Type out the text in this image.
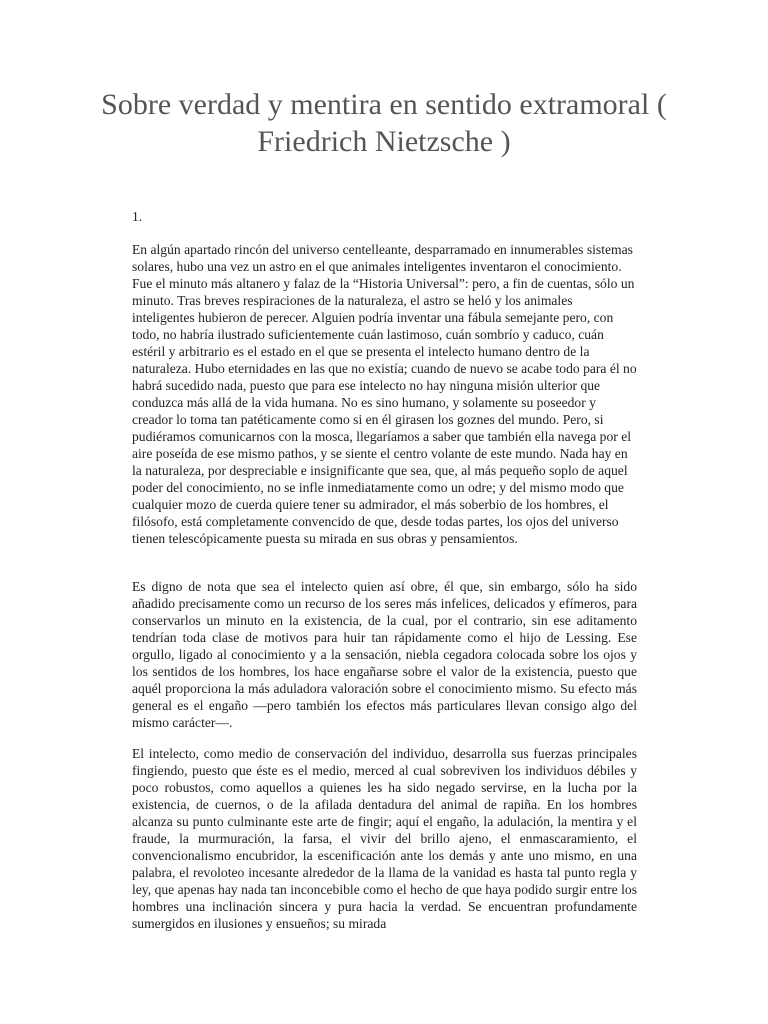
Sobre verdad y mentira en sentido extramoral ( Friedrich Nietzsche )

1.

En algún apartado rincón del universo centelleante, desparramado en innumerables sistemas solares, hubo una vez un astro en el que animales inteligentes inventaron el conocimiento. Fue el minuto más altanero y falaz de la “Historia Universal”: pero, a fin de cuentas, sólo un minuto. Tras breves respiraciones de la naturaleza, el astro se heló y los animales inteligentes hubieron de perecer. Alguien podría inventar una fábula semejante pero, con todo, no habría ilustrado suficientemente cuán lastimoso, cuán sombrío y caduco, cuán estéril y arbitrario es el estado en el que se presenta el intelecto humano dentro de la naturaleza. Hubo eternidades en las que no existía; cuando de nuevo se acabe todo para él no habrá sucedido nada, puesto que para ese intelecto no hay ninguna misión ulterior que conduzca más allá de la vida humana. No es sino humano, y solamente su poseedor y creador lo toma tan patéticamente como si en él girasen los goznes del mundo. Pero, si pudiéramos comunicarnos con la mosca, llegaríamos a saber que también ella navega por el aire poseída de ese mismo pathos, y se siente el centro volante de este mundo. Nada hay en la naturaleza, por despreciable e insignificante que sea, que, al más pequeño soplo de aquel poder del conocimiento, no se infle inmediatamente como un odre; y del mismo modo que cualquier mozo de cuerda quiere tener su admirador, el más soberbio de los hombres, el filósofo, está completamente convencido de que, desde todas partes, los ojos del universo tienen telescópicamente puesta su mirada en sus obras y pensamientos.

Es digno de nota que sea el intelecto quien así obre, él que, sin embargo, sólo ha sido añadido precisamente como un recurso de los seres más infelices, delicados y efímeros, para conservarlos un minuto en la existencia, de la cual, por el contrario, sin ese aditamento tendrían toda clase de motivos para huir tan rápidamente como el hijo de Lessing. Ese orgullo, ligado al conocimiento y a la sensación, niebla cegadora colocada sobre los ojos y los sentidos de los hombres, los hace engañarse sobre el valor de la existencia, puesto que aquél proporciona la más aduladora valoración sobre el conocimiento mismo. Su efecto más general es el engaño —pero también los efectos más particulares llevan consigo algo del mismo carácter—.

El intelecto, como medio de conservación del individuo, desarrolla sus fuerzas principales fingiendo, puesto que éste es el medio, merced al cual sobreviven los individuos débiles y poco robustos, como aquellos a quienes les ha sido negado servirse, en la lucha por la existencia, de cuernos, o de la afilada dentadura del animal de rapiña. En los hombres alcanza su punto culminante este arte de fingir; aquí el engaño, la adulación, la mentira y el fraude, la murmuración, la farsa, el vivir del brillo ajeno, el enmascaramiento, el convencionalismo encubridor, la escenificación ante los demás y ante uno mismo, en una palabra, el revoloteo incesante alrededor de la llama de la vanidad es hasta tal punto regla y ley, que apenas hay nada tan inconcebible como el hecho de que haya podido surgir entre los hombres una inclinación sincera y pura hacia la verdad. Se encuentran profundamente sumergidos en ilusiones y ensueños; su mirada
